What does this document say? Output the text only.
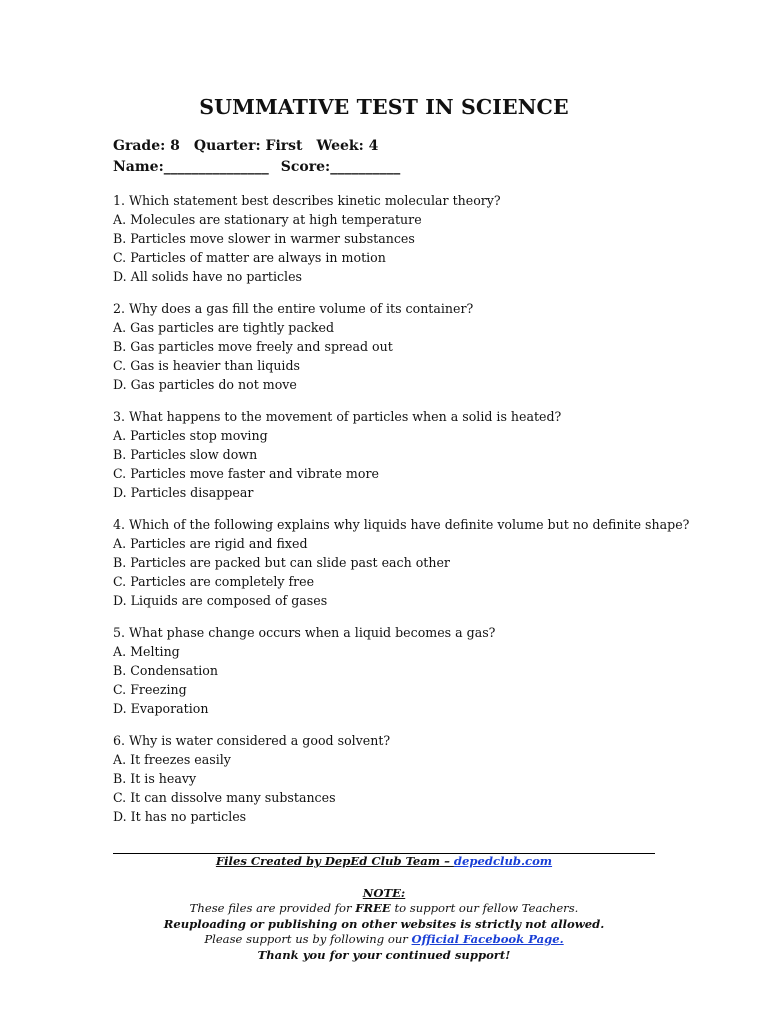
SUMMATIVE TEST IN SCIENCE
Grade: 8 Quarter: First Week: 4
Name:_______________ Score:__________
1. Which statement best describes kinetic molecular theory?
A. Molecules are stationary at high temperature
B. Particles move slower in warmer substances
C. Particles of matter are always in motion
D. All solids have no particles
2. Why does a gas fill the entire volume of its container?
A. Gas particles are tightly packed
B. Gas particles move freely and spread out
C. Gas is heavier than liquids
D. Gas particles do not move
3. What happens to the movement of particles when a solid is heated?
A. Particles stop moving
B. Particles slow down
C. Particles move faster and vibrate more
D. Particles disappear
4. Which of the following explains why liquids have definite volume but no definite shape?
A. Particles are rigid and fixed
B. Particles are packed but can slide past each other
C. Particles are completely free
D. Liquids are composed of gases
5. What phase change occurs when a liquid becomes a gas?
A. Melting
B. Condensation
C. Freezing
D. Evaporation
6. Why is water considered a good solvent?
A. It freezes easily
B. It is heavy
C. It can dissolve many substances
D. It has no particles
Files Created by DepEd Club Team – depedclub.com
NOTE:
These files are provided for FREE to support our fellow Teachers.
Reuploading or publishing on other websites is strictly not allowed.
Please support us by following our Official Facebook Page.
Thank you for your continued support!
